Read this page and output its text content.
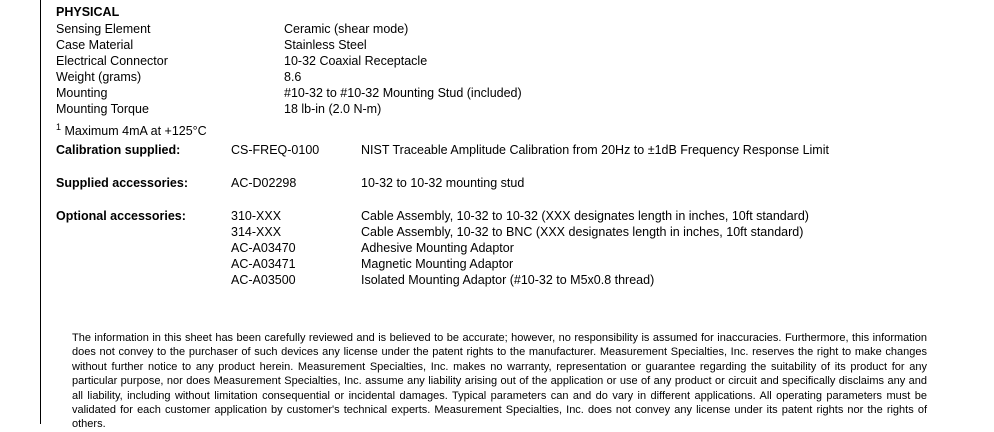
PHYSICAL
Sensing Element	Ceramic (shear mode)
Case Material	Stainless Steel
Electrical Connector	10-32 Coaxial Receptacle
Weight (grams)	8.6
Mounting	#10-32 to #10-32 Mounting Stud (included)
Mounting Torque	18 lb-in (2.0 N-m)
$^1$ Maximum 4mA at +125°C
Calibration supplied:	CS-FREQ-0100	NIST Traceable Amplitude Calibration from 20Hz to ±1dB Frequency Response Limit
Supplied accessories:	AC-D02298	10-32 to 10-32 mounting stud
Optional accessories:	310-XXX	Cable Assembly, 10-32 to 10-32 (XXX designates length in inches, 10ft standard)
314-XXX	Cable Assembly, 10-32 to BNC (XXX designates length in inches, 10ft standard)
AC-A03470	Adhesive Mounting Adaptor
AC-A03471	Magnetic Mounting Adaptor
AC-A03500	Isolated Mounting Adaptor (#10-32 to M5x0.8 thread)

The information in this sheet has been carefully reviewed and is believed to be accurate; however, no responsibility is assumed for inaccuracies. Furthermore, this information does not convey to the purchaser of such devices any license under the patent rights to the manufacturer. Measurement Specialties, Inc. reserves the right to make changes without further notice to any product herein. Measurement Specialties, Inc. makes no warranty, representation or guarantee regarding the suitability of its product for any particular purpose, nor does Measurement Specialties, Inc. assume any liability arising out of the application or use of any product or circuit and specifically disclaims any and all liability, including without limitation consequential or incidental damages. Typical parameters can and do vary in different applications. All operating parameters must be validated for each customer application by customer's technical experts. Measurement Specialties, Inc. does not convey any license under its patent rights nor the rights of others.
